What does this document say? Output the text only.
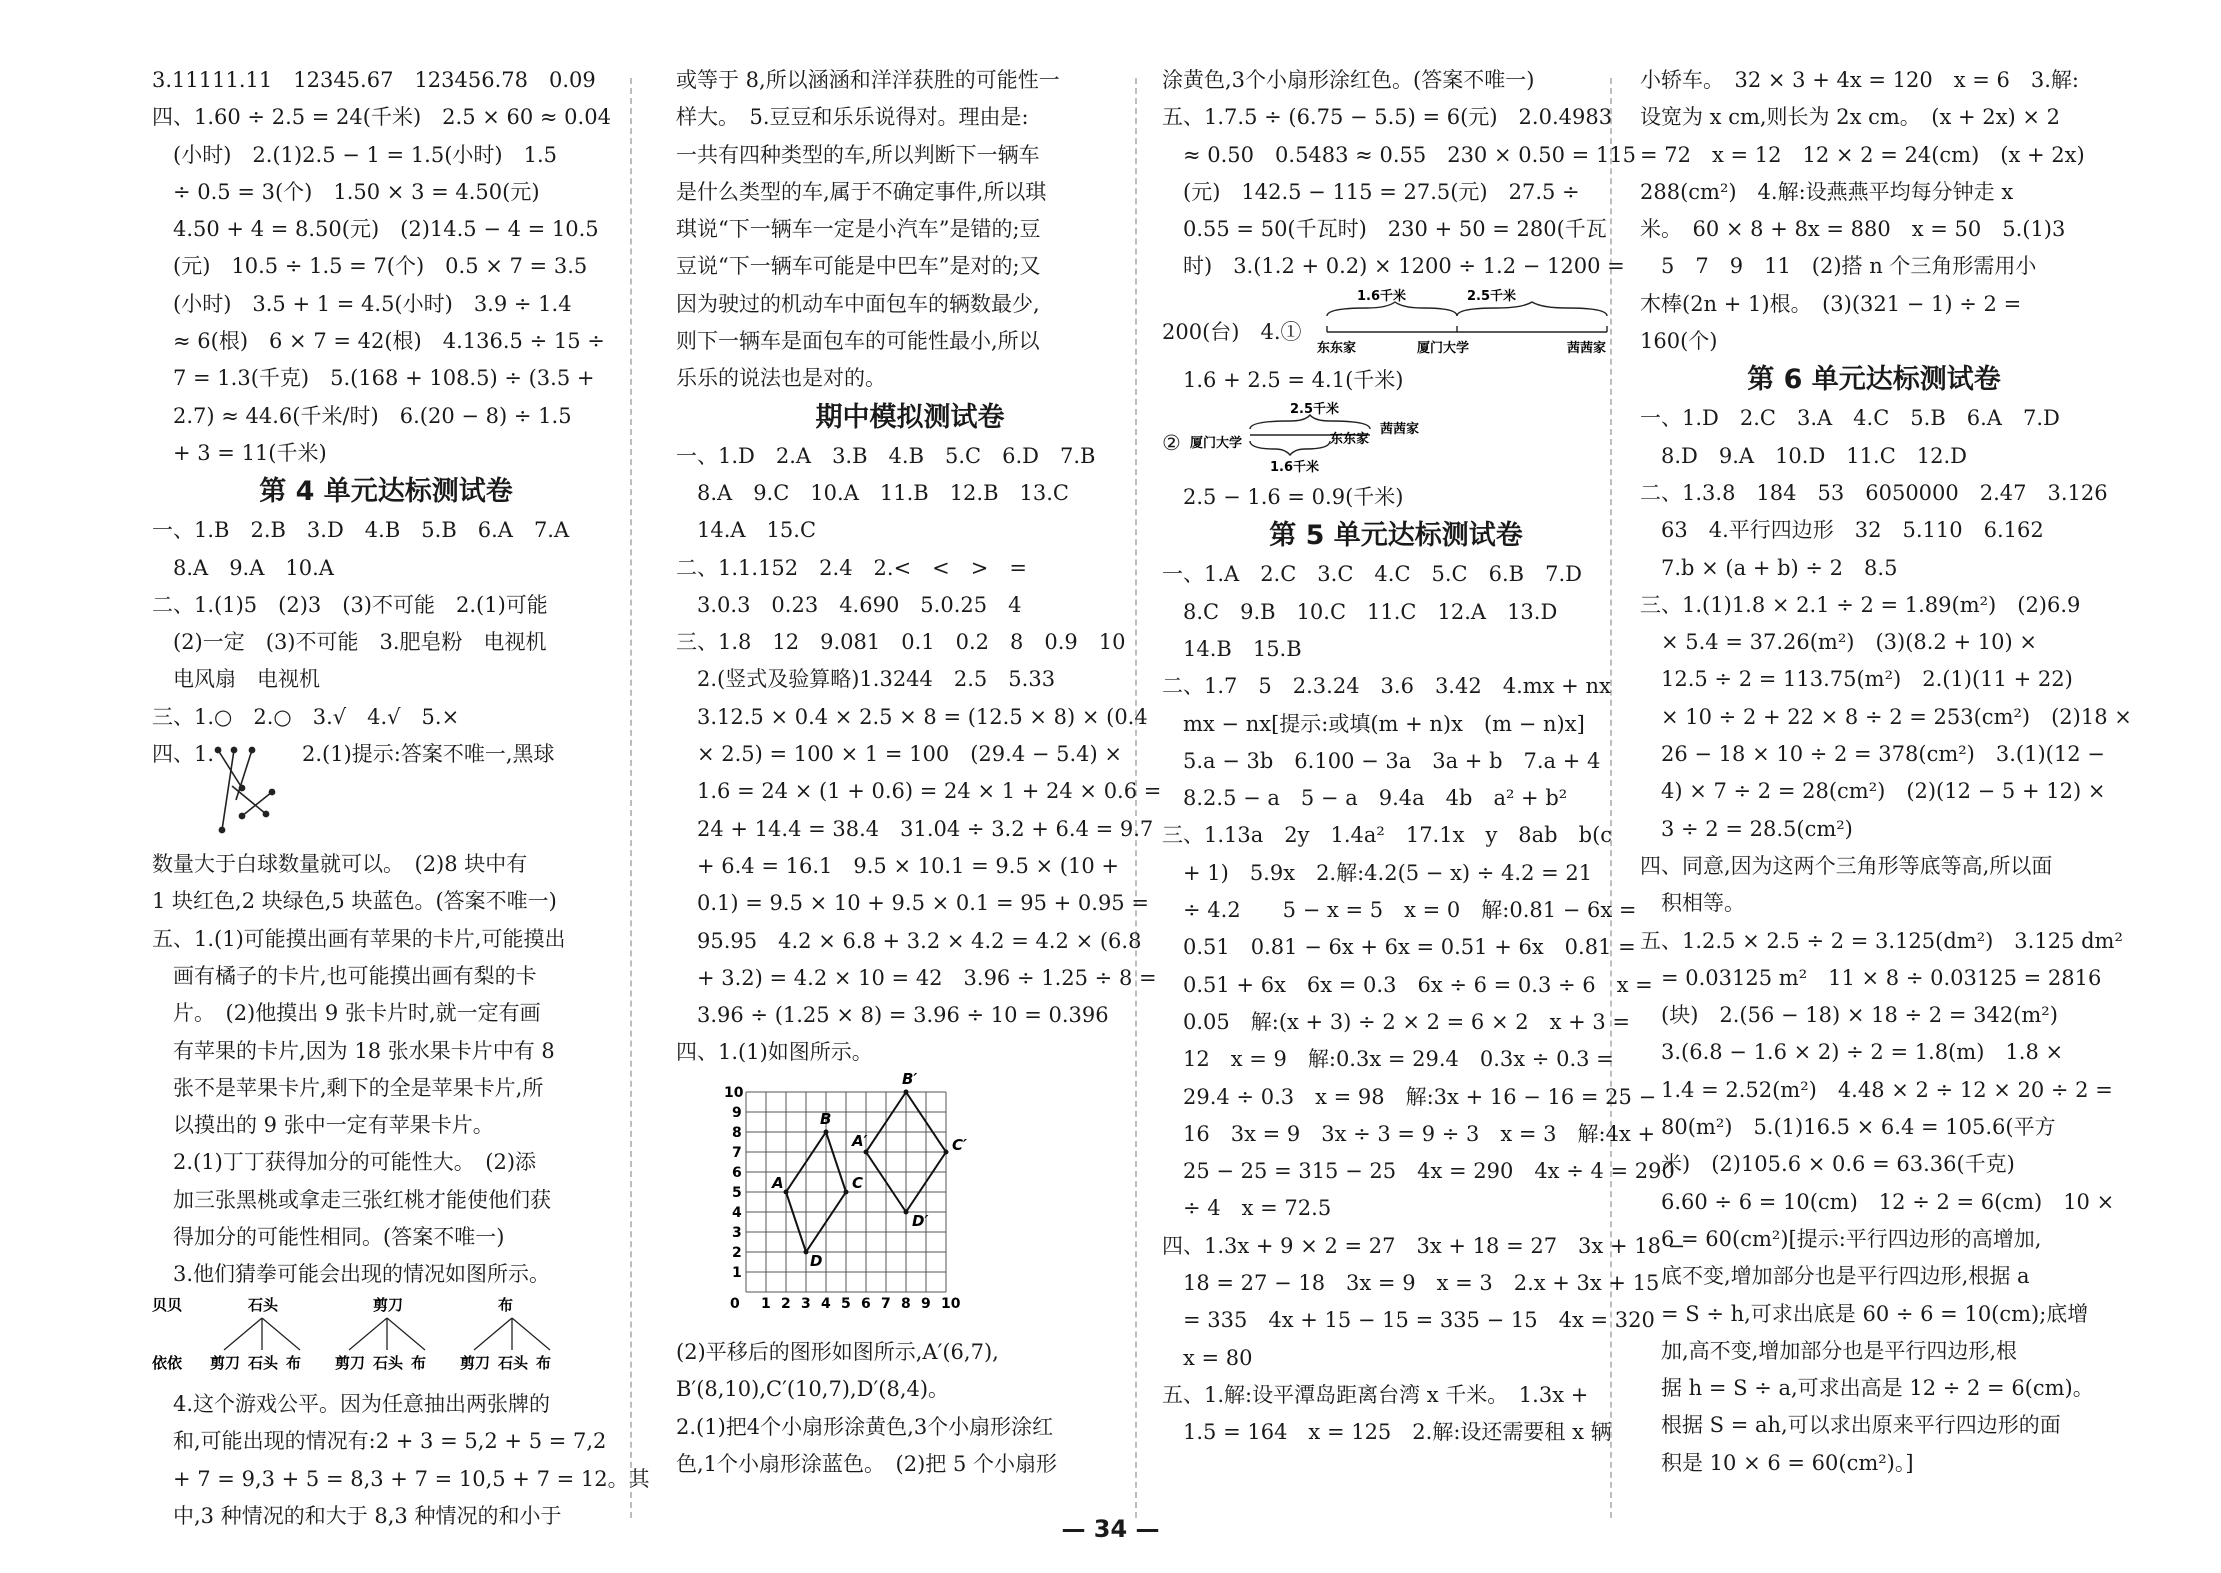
3.11111.11　12345.67　123456.78　0.09
四、1.60 ÷ 2.5 = 24(千米)　2.5 × 60 ≈ 0.04
　(小时)　2.(1)2.5 − 1 = 1.5(小时)　1.5
　÷ 0.5 = 3(个)　1.50 × 3 = 4.50(元)
　4.50 + 4 = 8.50(元)　(2)14.5 − 4 = 10.5
　(元)　10.5 ÷ 1.5 = 7(个)　0.5 × 7 = 3.5
　(小时)　3.5 + 1 = 4.5(小时)　3.9 ÷ 1.4
　≈ 6(根)　6 × 7 = 42(根)　4.136.5 ÷ 15 ÷
　7 = 1.3(千克)　5.(168 + 108.5) ÷ (3.5 +
　2.7) ≈ 44.6(千米/时)　6.(20 − 8) ÷ 1.5
　+ 3 = 11(千米)
第 4 单元达标测试卷
一、1.B　2.B　3.D　4.B　5.B　6.A　7.A
　8.A　9.A　10.A
二、1.(1)5　(2)3　(3)不可能　2.(1)可能
　(2)一定　(3)不可能　3.肥皂粉　电视机
　电风扇　电视机
三、1.○　2.○　3.√　4.√　5.×
四、1.	2.(1)提示:答案不唯一,黑球
数量大于白球数量就可以。　(2)8 块中有
1 块红色,2 块绿色,5 块蓝色。(答案不唯一)
五、1.(1)可能摸出画有苹果的卡片,可能摸出
　画有橘子的卡片,也可能摸出画有梨的卡
　片。　(2)他摸出 9 张卡片时,就一定有画
　有苹果的卡片,因为 18 张水果卡片中有 8
　张不是苹果卡片,剩下的全是苹果卡片,所
　以摸出的 9 张中一定有苹果卡片。
　2.(1)丁丁获得加分的可能性大。　(2)添
　加三张黑桃或拿走三张红桃才能使他们获
　得加分的可能性相同。(答案不唯一)
　3.他们猜拳可能会出现的情况如图所示。
贝贝
依依
石头
剪刀 石头 布
剪刀
剪刀 石头 布
布
剪刀 石头 布
　4.这个游戏公平。因为任意抽出两张牌的
　和,可能出现的情况有:2 + 3 = 5,2 + 5 = 7,2
　+ 7 = 9,3 + 5 = 8,3 + 7 = 10,5 + 7 = 12。其
　中,3 种情况的和大于 8,3 种情况的和小于
或等于 8,所以涵涵和洋洋获胜的可能性一
样大。　5.豆豆和乐乐说得对。理由是:
一共有四种类型的车,所以判断下一辆车
是什么类型的车,属于不确定事件,所以琪
琪说“下一辆车一定是小汽车”是错的;豆
豆说“下一辆车可能是中巴车”是对的;又
因为驶过的机动车中面包车的辆数最少,
则下一辆车是面包车的可能性最小,所以
乐乐的说法也是对的。
期中模拟测试卷
一、1.D　2.A　3.B　4.B　5.C　6.D　7.B
　8.A　9.C　10.A　11.B　12.B　13.C
　14.A　15.C
二、1.1.152　2.4　2.<　<　>　=
　3.0.3　0.23　4.690　5.0.25　4
三、1.8　12　9.081　0.1　0.2　8　0.9　10
　2.(竖式及验算略)1.3244　2.5　5.33
　3.12.5 × 0.4 × 2.5 × 8 = (12.5 × 8) × (0.4
　× 2.5) = 100 × 1 = 100　(29.4 − 5.4) ×
　1.6 = 24 × (1 + 0.6) = 24 × 1 + 24 × 0.6 =
　24 + 14.4 = 38.4　31.04 ÷ 3.2 + 6.4 = 9.7
　+ 6.4 = 16.1　9.5 × 10.1 = 9.5 × (10 +
　0.1) = 9.5 × 10 + 9.5 × 0.1 = 95 + 0.95 =
　95.95　4.2 × 6.8 + 3.2 × 4.2 = 4.2 × (6.8
　+ 3.2) = 4.2 × 10 = 42　3.96 ÷ 1.25 ÷ 8 =
　3.96 ÷ (1.25 × 8) = 3.96 ÷ 10 = 0.396
四、1.(1)如图所示。
1 2 3 4 5 6 7 8 9 10
0
1
2
3
4
5
6
7
8
9
10
A
B
C
D
A′
B′
C′
D′
(2)平移后的图形如图所示,A′(6,7),
B′(8,10),C′(10,7),D′(8,4)。
2.(1)把4个小扇形涂黄色,3个小扇形涂红
色,1个小扇形涂蓝色。　(2)把 5 个小扇形
涂黄色,3个小扇形涂红色。(答案不唯一)
五、1.7.5 ÷ (6.75 − 5.5) = 6(元)　2.0.4983
　≈ 0.50　0.5483 ≈ 0.55　230 × 0.50 = 115
　(元)　142.5 − 115 = 27.5(元)　27.5 ÷
　0.55 = 50(千瓦时)　230 + 50 = 280(千瓦
　时)　3.(1.2 + 0.2) × 1200 ÷ 1.2 − 1200 =
200(台)　4.①
1.6千米	2.5千米
东东家	厦门大学	茜茜家
　1.6 + 2.5 = 4.1(千米)
②
2.5千米
厦门大学	东东家
茜茜家
1.6千米
　2.5 − 1.6 = 0.9(千米)
第 5 单元达标测试卷
一、1.A　2.C　3.C　4.C　5.C　6.B　7.D
　8.C　9.B　10.C　11.C　12.A　13.D
　14.B　15.B
二、1.7　5　2.3.24　3.6　3.42　4.mx + nx
　mx − nx[提示:或填(m + n)x　(m − n)x]
　5.a − 3b　6.100 − 3a　3a + b　7.a + 4
　8.2.5 − a　5 − a　9.4a　4b　a² + b²
三、1.13a　2y　1.4a²　17.1x　y　8ab　b(c
　+ 1)　5.9x　2.解:4.2(5 − x) ÷ 4.2 = 21
　÷ 4.2　　5 − x = 5　x = 0　解:0.81 − 6x =
　0.51　0.81 − 6x + 6x = 0.51 + 6x　0.81 =
　0.51 + 6x　6x = 0.3　6x ÷ 6 = 0.3 ÷ 6　x =
　0.05　解:(x + 3) ÷ 2 × 2 = 6 × 2　x + 3 =
　12　x = 9　解:0.3x = 29.4　0.3x ÷ 0.3 =
　29.4 ÷ 0.3　x = 98　解:3x + 16 − 16 = 25 −
　16　3x = 9　3x ÷ 3 = 9 ÷ 3　x = 3　解:4x +
　25 − 25 = 315 − 25　4x = 290　4x ÷ 4 = 290
　÷ 4　x = 72.5
四、1.3x + 9 × 2 = 27　3x + 18 = 27　3x + 18 −
　18 = 27 − 18　3x = 9　x = 3　2.x + 3x + 15
　= 335　4x + 15 − 15 = 335 − 15　4x = 320
　x = 80
五、1.解:设平潭岛距离台湾 x 千米。　1.3x +
　1.5 = 164　x = 125　2.解:设还需要租 x 辆
小轿车。　32 × 3 + 4x = 120　x = 6　3.解:
设宽为 x cm,则长为 2x cm。　(x + 2x) × 2
= 72　x = 12　12 × 2 = 24(cm)　(x + 2x)
288(cm²)　4.解:设燕燕平均每分钟走 x
米。　60 × 8 + 8x = 880　x = 50　5.(1)3
　5　7　9　11　(2)搭 n 个三角形需用小
木棒(2n + 1)根。　(3)(321 − 1) ÷ 2 =
160(个)
第 6 单元达标测试卷
一、1.D　2.C　3.A　4.C　5.B　6.A　7.D
　8.D　9.A　10.D　11.C　12.D
二、1.3.8　184　53　6050000　2.47　3.126
　63　4.平行四边形　32　5.110　6.162
　7.b × (a + b) ÷ 2　8.5
三、1.(1)1.8 × 2.1 ÷ 2 = 1.89(m²)　(2)6.9
　× 5.4 = 37.26(m²)　(3)(8.2 + 10) ×
　12.5 ÷ 2 = 113.75(m²)　2.(1)(11 + 22)
　× 10 ÷ 2 + 22 × 8 ÷ 2 = 253(cm²)　(2)18 ×
　26 − 18 × 10 ÷ 2 = 378(cm²)　3.(1)(12 −
　4) × 7 ÷ 2 = 28(cm²)　(2)(12 − 5 + 12) ×
　3 ÷ 2 = 28.5(cm²)
四、同意,因为这两个三角形等底等高,所以面
　积相等。
五、1.2.5 × 2.5 ÷ 2 = 3.125(dm²)　3.125 dm²
　= 0.03125 m²　11 × 8 ÷ 0.03125 = 2816
　(块)　2.(56 − 18) × 18 ÷ 2 = 342(m²)
　3.(6.8 − 1.6 × 2) ÷ 2 = 1.8(m)　1.8 ×
　1.4 = 2.52(m²)　4.48 × 2 ÷ 12 × 20 ÷ 2 =
　80(m²)　5.(1)16.5 × 6.4 = 105.6(平方
　米)　(2)105.6 × 0.6 = 63.36(千克)
　6.60 ÷ 6 = 10(cm)　12 ÷ 2 = 6(cm)　10 ×
　6 = 60(cm²)[提示:平行四边形的高增加,
　底不变,增加部分也是平行四边形,根据 a
　= S ÷ h,可求出底是 60 ÷ 6 = 10(cm);底增
　加,高不变,增加部分也是平行四边形,根
　据 h = S ÷ a,可求出高是 12 ÷ 2 = 6(cm)。
　根据 S = ah,可以求出原来平行四边形的面
　积是 10 × 6 = 60(cm²)。]
— 34 —
